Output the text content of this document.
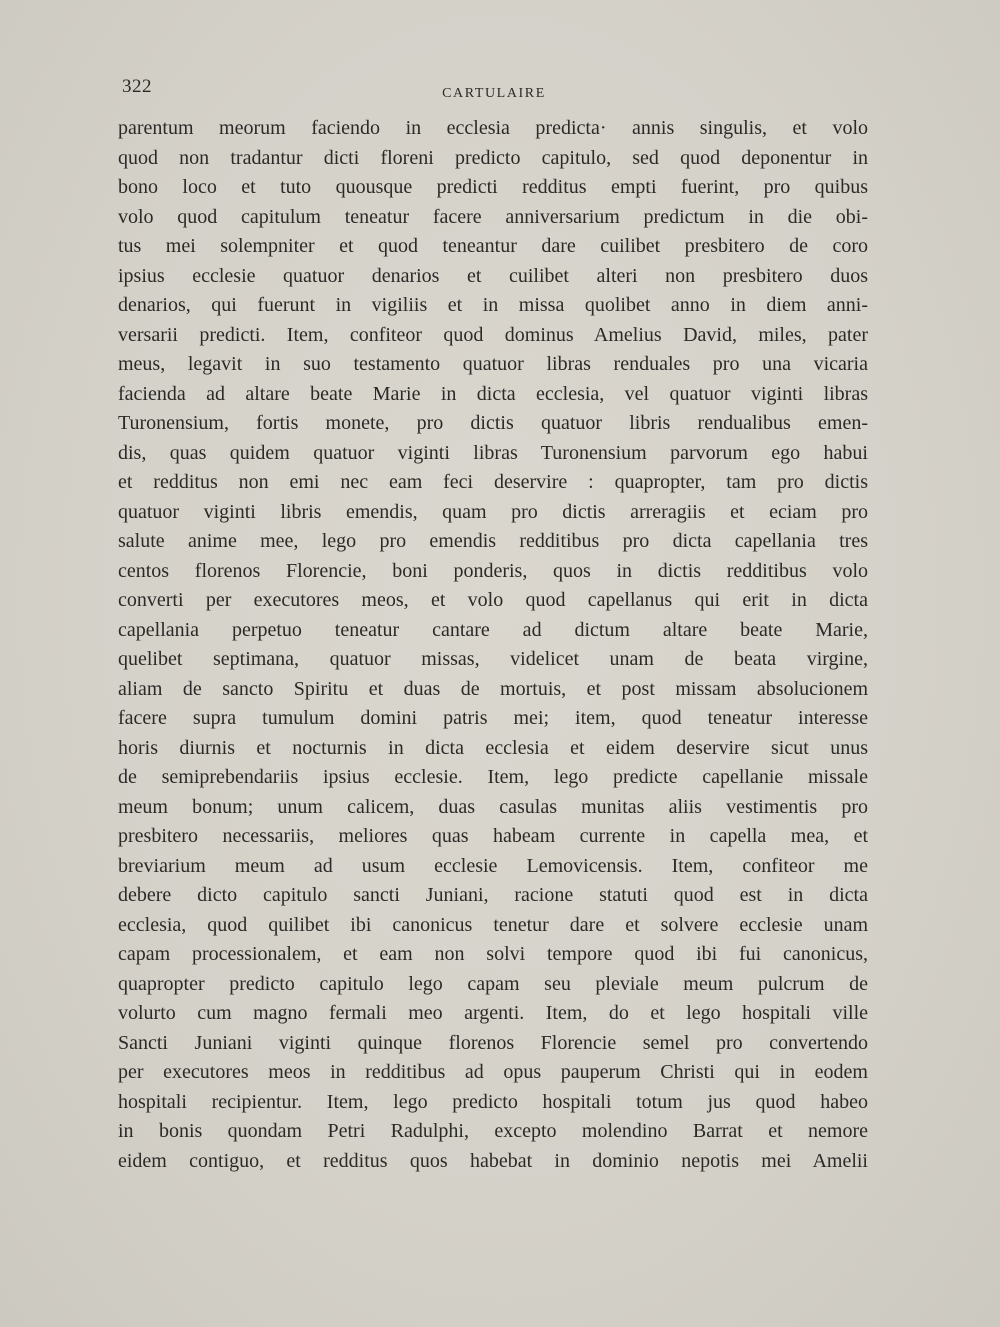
322	CARTULAIRE
parentum meorum faciendo in ecclesia predicta· annis singulis, et volo
quod non tradantur dicti floreni predicto capitulo, sed quod deponentur in
bono loco et tuto quousque predicti redditus empti fuerint, pro quibus
volo quod capitulum teneatur facere anniversarium predictum in die obi-
tus mei solempniter et quod teneantur dare cuilibet presbitero de coro
ipsius ecclesie quatuor denarios et cuilibet alteri non presbitero duos
denarios, qui fuerunt in vigiliis et in missa quolibet anno in diem anni-
versarii predicti. Item, confiteor quod dominus Amelius David, miles, pater
meus, legavit in suo testamento quatuor libras renduales pro una vicaria
facienda ad altare beate Marie in dicta ecclesia, vel quatuor viginti libras
Turonensium, fortis monete, pro dictis quatuor libris rendualibus emen-
dis, quas quidem quatuor viginti libras Turonensium parvorum ego habui
et redditus non emi nec eam feci deservire : quapropter, tam pro dictis
quatuor viginti libris emendis, quam pro dictis arreragiis et eciam pro
salute anime mee, lego pro emendis redditibus pro dicta capellania tres
centos florenos Florencie, boni ponderis, quos in dictis redditibus volo
converti per executores meos, et volo quod capellanus qui erit in dicta
capellania perpetuo teneatur cantare ad dictum altare beate Marie,
quelibet septimana, quatuor missas, videlicet unam de beata virgine,
aliam de sancto Spiritu et duas de mortuis, et post missam absolucionem
facere supra tumulum domini patris mei; item, quod teneatur interesse
horis diurnis et nocturnis in dicta ecclesia et eidem deservire sicut unus
de semiprebendariis ipsius ecclesie. Item, lego predicte capellanie missale
meum bonum; unum calicem, duas casulas munitas aliis vestimentis pro
presbitero necessariis, meliores quas habeam currente in capella mea, et
breviarium meum ad usum ecclesie Lemovicensis. Item, confiteor me
debere dicto capitulo sancti Juniani, racione statuti quod est in dicta
ecclesia, quod quilibet ibi canonicus tenetur dare et solvere ecclesie unam
capam processionalem, et eam non solvi tempore quod ibi fui canonicus,
quapropter predicto capitulo lego capam seu pleviale meum pulcrum de
volurto cum magno fermali meo argenti. Item, do et lego hospitali ville
Sancti Juniani viginti quinque florenos Florencie semel pro convertendo
per executores meos in redditibus ad opus pauperum Christi qui in eodem
hospitali recipientur. Item, lego predicto hospitali totum jus quod habeo
in bonis quondam Petri Radulphi, excepto molendino Barrat et nemore
eidem contiguo, et redditus quos habebat in dominio nepotis mei Amelii
